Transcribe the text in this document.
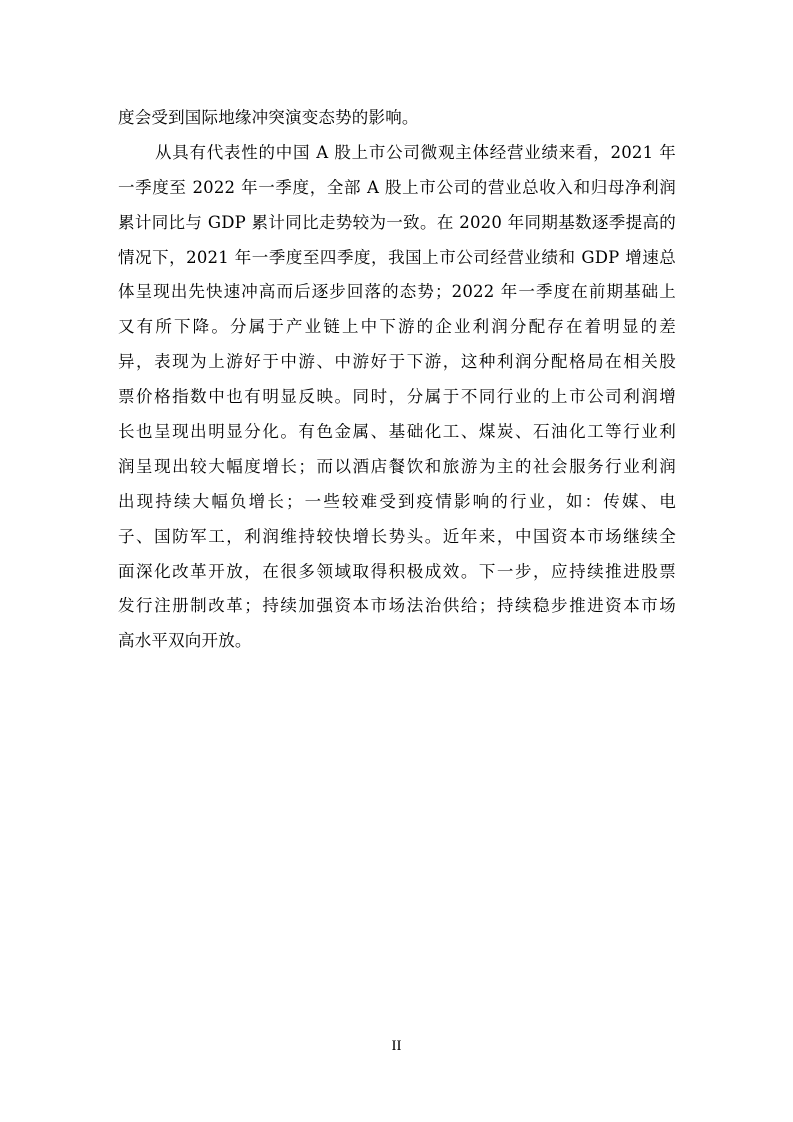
度会受到国际地缘冲突演变态势的影响。
从具有代表性的中国 A 股上市公司微观主体经营业绩来看，2021 年
一季度至 2022 年一季度，全部 A 股上市公司的营业总收入和归母净利润
累计同比与 GDP 累计同比走势较为一致。在 2020 年同期基数逐季提高的
情况下，2021 年一季度至四季度，我国上市公司经营业绩和 GDP 增速总
体呈现出先快速冲高而后逐步回落的态势；2022 年一季度在前期基础上
又有所下降。分属于产业链上中下游的企业利润分配存在着明显的差
异，表现为上游好于中游、中游好于下游，这种利润分配格局在相关股
票价格指数中也有明显反映。同时，分属于不同行业的上市公司利润增
长也呈现出明显分化。有色金属、基础化工、煤炭、石油化工等行业利
润呈现出较大幅度增长；而以酒店餐饮和旅游为主的社会服务行业利润
出现持续大幅负增长；一些较难受到疫情影响的行业，如：传媒、电
子、国防军工，利润维持较快增长势头。近年来，中国资本市场继续全
面深化改革开放，在很多领域取得积极成效。下一步，应持续推进股票
发行注册制改革；持续加强资本市场法治供给；持续稳步推进资本市场
高水平双向开放。
II
